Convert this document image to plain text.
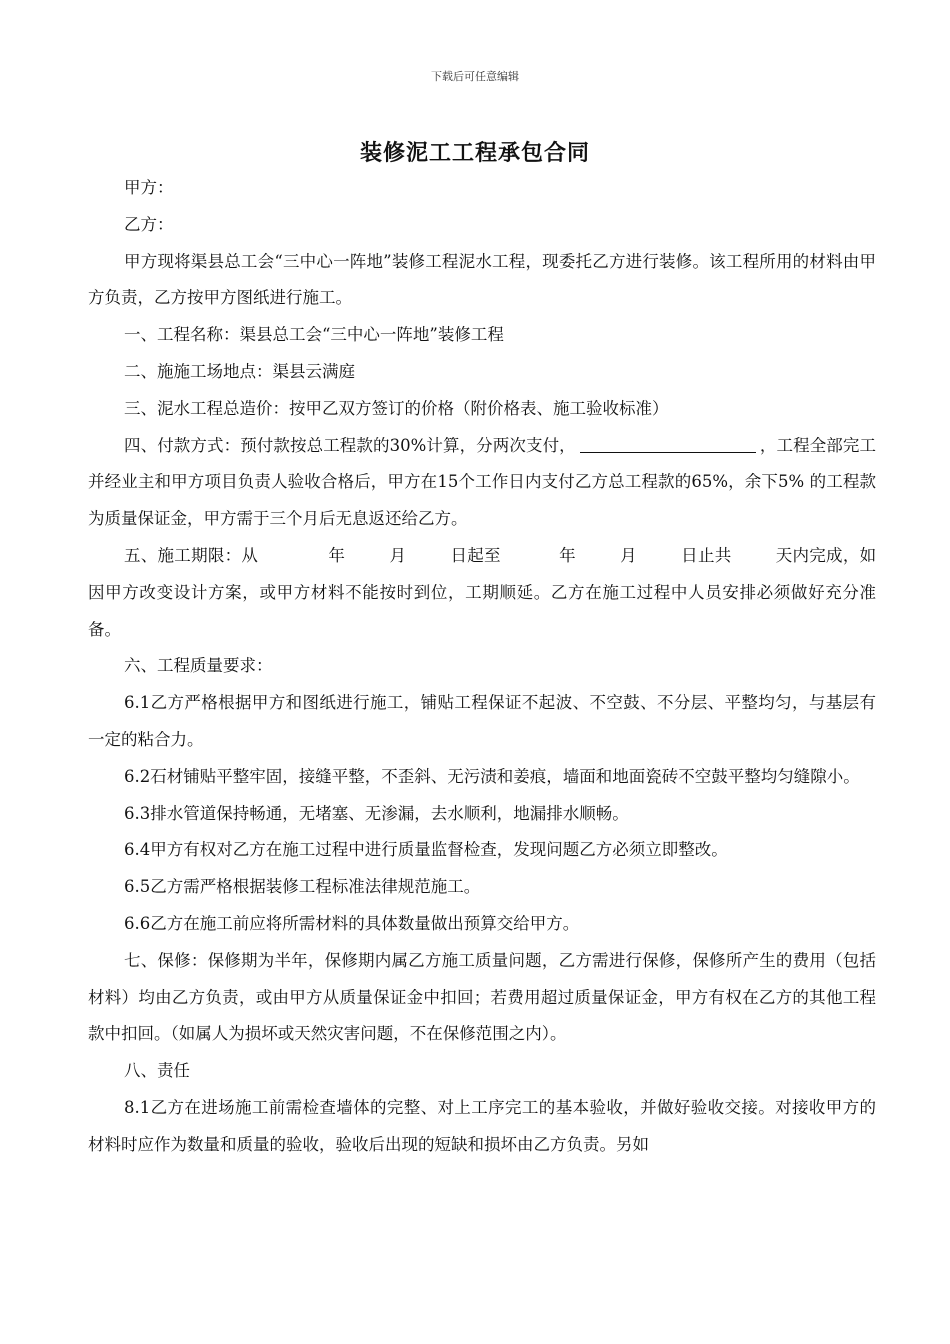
下载后可任意编辑
装修泥工工程承包合同

甲方：

乙方：

甲方现将渠县总工会“三中心一阵地”装修工程泥水工程，现委托乙方进行装修。该工程所用的材料由甲方负责，乙方按甲方图纸进行施工。

一、工程名称：渠县总工会“三中心一阵地”装修工程

二、施施工场地点：渠县云满庭

三、泥水工程总造价：按甲乙双方签订的价格（附价格表、施工验收标准）

四、付款方式：预付款按总工程款的30%计算，分两次支付，	，工程全部完工并经业主和甲方项目负责人验收合格后，甲方在15个工作日内支付乙方总工程款的65%，余下5% 的工程款为质量保证金，甲方需于三个月后无息返还给乙方。

五、施工期限：从	年	月	日起至	年	月	日止共	天内完成，如因甲方改变设计方案，或甲方材料不能按时到位，工期顺延。乙方在施工过程中人员安排必须做好充分准备。

六、工程质量要求：

6.1乙方严格根据甲方和图纸进行施工，铺贴工程保证不起波、不空鼓、不分层、平整均匀，与基层有一定的粘合力。

6.2石材铺贴平整牢固，接缝平整，不歪斜、无污渍和姜痕，墙面和地面瓷砖不空鼓平整均匀缝隙小。

6.3排水管道保持畅通，无堵塞、无渗漏，去水顺利，地漏排水顺畅。

6.4甲方有权对乙方在施工过程中进行质量监督检查，发现问题乙方必须立即整改。

6.5乙方需严格根据装修工程标准法律规范施工。

6.6乙方在施工前应将所需材料的具体数量做出预算交给甲方。

七、保修：保修期为半年，保修期内属乙方施工质量问题，乙方需进行保修，保修所产生的费用（包括材料）均由乙方负责，或由甲方从质量保证金中扣回；若费用超过质量保证金，甲方有权在乙方的其他工程款中扣回。（如属人为损坏或天然灾害问题，不在保修范围之内）。

八、责任

8.1乙方在进场施工前需检查墙体的完整、对上工序完工的基本验收，并做好验收交接。对接收甲方的材料时应作为数量和质量的验收，验收后出现的短缺和损坏由乙方负责。另如
